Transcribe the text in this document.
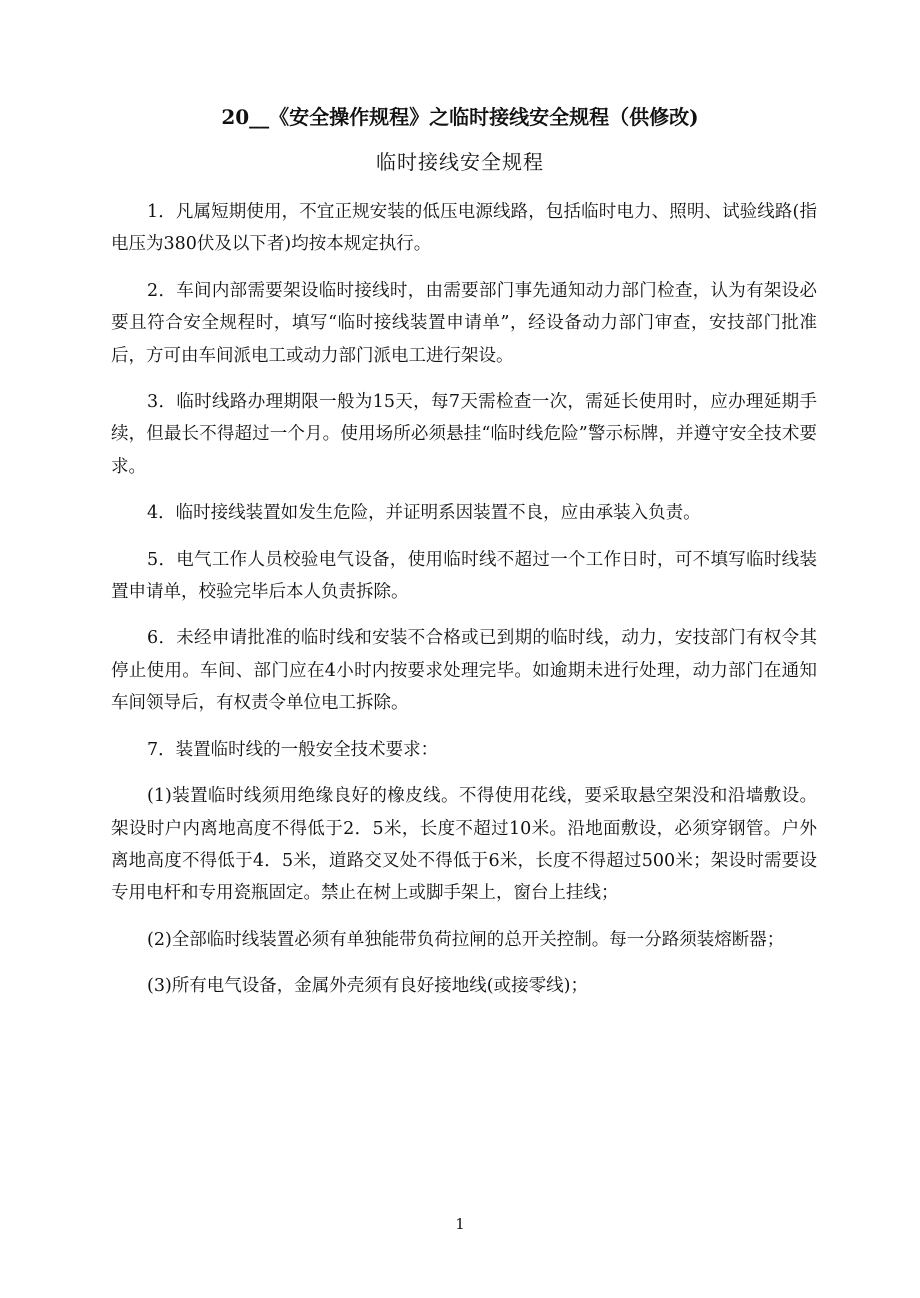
20__《安全操作规程》之临时接线安全规程（供修改)
临时接线安全规程

1．凡属短期使用，不宜正规安装的低压电源线路，包括临时电力、照明、试验线路(指电压为380伏及以下者)均按本规定执行。

2．车间内部需要架设临时接线时，由需要部门事先通知动力部门检查，认为有架设必要且符合安全规程时，填写“临时接线装置申请单”，经设备动力部门审查，安技部门批准后，方可由车间派电工或动力部门派电工进行架设。

3．临时线路办理期限一般为15天，每7天需检查一次，需延长使用时，应办理延期手续，但最长不得超过一个月。使用场所必须悬挂“临时线危险”警示标牌，并遵守安全技术要求。

4．临时接线装置如发生危险，并证明系因装置不良，应由承装入负责。

5．电气工作人员校验电气设备，使用临时线不超过一个工作日时，可不填写临时线装置申请单，校验完毕后本人负责拆除。

6．未经申请批准的临时线和安装不合格或已到期的临时线，动力，安技部门有权令其停止使用。车间、部门应在4小时内按要求处理完毕。如逾期未进行处理，动力部门在通知车间领导后，有权责令单位电工拆除。

7．装置临时线的一般安全技术要求：

(1)装置临时线须用绝缘良好的橡皮线。不得使用花线，要采取悬空架没和沿墙敷设。架设时户内离地高度不得低于2．5米，长度不超过10米。沿地面敷设，必须穿钢管。户外离地高度不得低于4．5米，道路交叉处不得低于6米，长度不得超过500米；架设时需要设专用电杆和专用瓷瓶固定。禁止在树上或脚手架上，窗台上挂线；

(2)全部临时线装置必须有单独能带负荷拉闸的总开关控制。每一分路须装熔断器；

(3)所有电气设备，金属外壳须有良好接地线(或接零线)；

1
